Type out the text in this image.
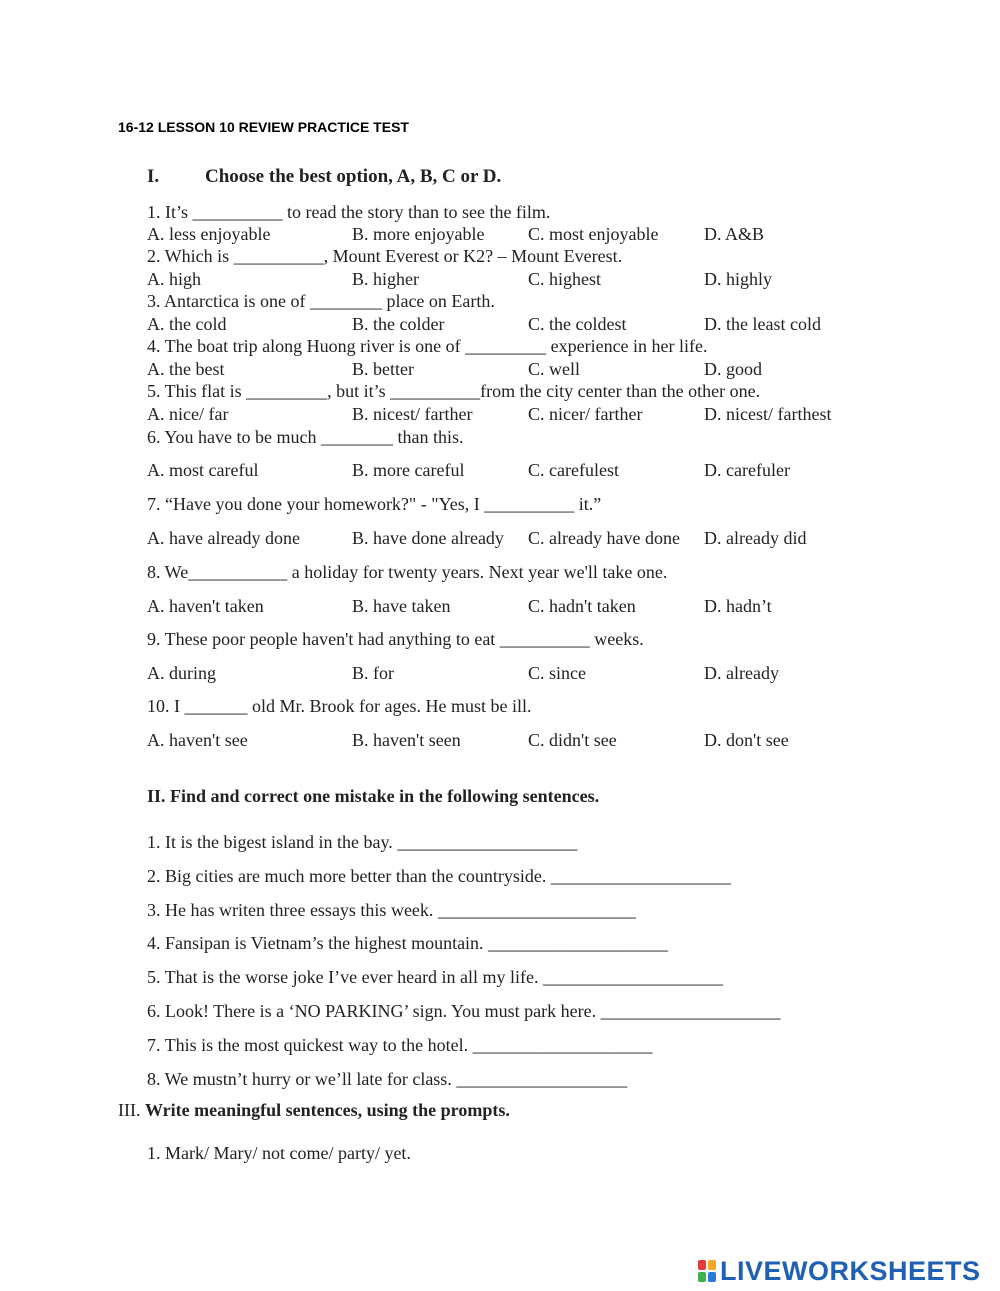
16-12 LESSON 10 REVIEW PRACTICE TEST
I. Choose the best option, A, B, C or D.
1. It’s __________ to read the story than to see the film.
A. less enjoyable	B. more enjoyable C. most enjoyable	D. A&B
2. Which is __________, Mount Everest or K2? – Mount Everest.
A. high	B. higher	C. highest	D. highly
3. Antarctica is one of ________ place on Earth.
A. the cold	B. the colder	C. the coldest	D. the least cold
4. The boat trip along Huong river is one of _________ experience in her life.
A. the best	B. better	C. well	D. good
5. This flat is _________, but it’s __________from the city center than the other one.
A. nice/ far	B. nicest/ farther	C. nicer/ farther	D. nicest/ farthest
6. You have to be much ________ than this.
A. most careful	B. more careful	C. carefulest	D. carefuler
7. “Have you done your homework?" - "Yes, I __________ it.”
A. have already done	B. have done already C. already have done D. already did
8. We___________ a holiday for twenty years. Next year we'll take one.
A. haven't taken	B. have taken	C. hadn't taken	D. hadn’t
9. These poor people haven't had anything to eat __________ weeks.
A. during	B. for	C. since	D. already
10. I _______ old Mr. Brook for ages. He must be ill.
A. haven't see	B. haven't seen	C. didn't see	D. don't see
II. Find and correct one mistake in the following sentences.
1. It is the bigest island in the bay. ____________________
2. Big cities are much more better than the countryside. ____________________
3. He has writen three essays this week. ______________________
4. Fansipan is Vietnam’s the highest mountain. ____________________
5. That is the worse joke I’ve ever heard in all my life. ____________________
6. Look! There is a ‘NO PARKING’ sign. You must park here. ____________________
7. This is the most quickest way to the hotel. ____________________
8. We mustn’t hurry or we’ll late for class. ___________________
III. Write meaningful sentences, using the prompts.
1. Mark/ Mary/ not come/ party/ yet.
LIVEWORKSHEETS
